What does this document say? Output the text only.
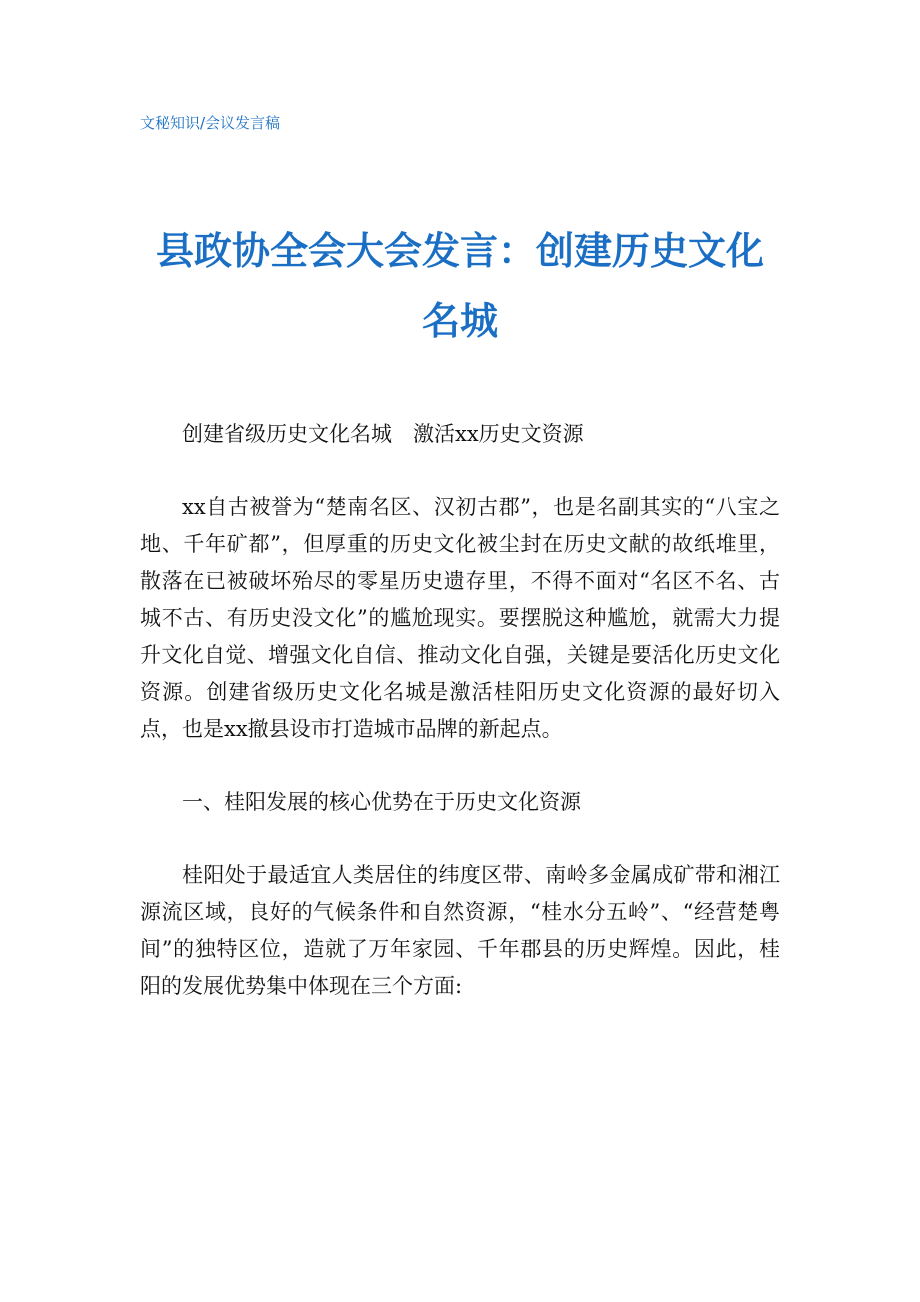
文秘知识/会议发言稿
县政协全会大会发言：创建历史文化
名城

创建省级历史文化名城　激活xx历史文资源

xx自古被誉为“楚南名区、汉初古郡”，也是名副其实的“八宝之地、千年矿都”，但厚重的历史文化被尘封在历史文献的故纸堆里，散落在已被破坏殆尽的零星历史遗存里，不得不面对“名区不名、古城不古、有历史没文化”的尴尬现实。要摆脱这种尴尬，就需大力提升文化自觉、增强文化自信、推动文化自强，关键是要活化历史文化资源。创建省级历史文化名城是激活桂阳历史文化资源的最好切入点，也是xx撤县设市打造城市品牌的新起点。

一、桂阳发展的核心优势在于历史文化资源

桂阳处于最适宜人类居住的纬度区带、南岭多金属成矿带和湘江源流区域，良好的气候条件和自然资源，“桂水分五岭”、“经营楚粤间”的独特区位，造就了万年家园、千年郡县的历史辉煌。因此，桂阳的发展优势集中体现在三个方面:
